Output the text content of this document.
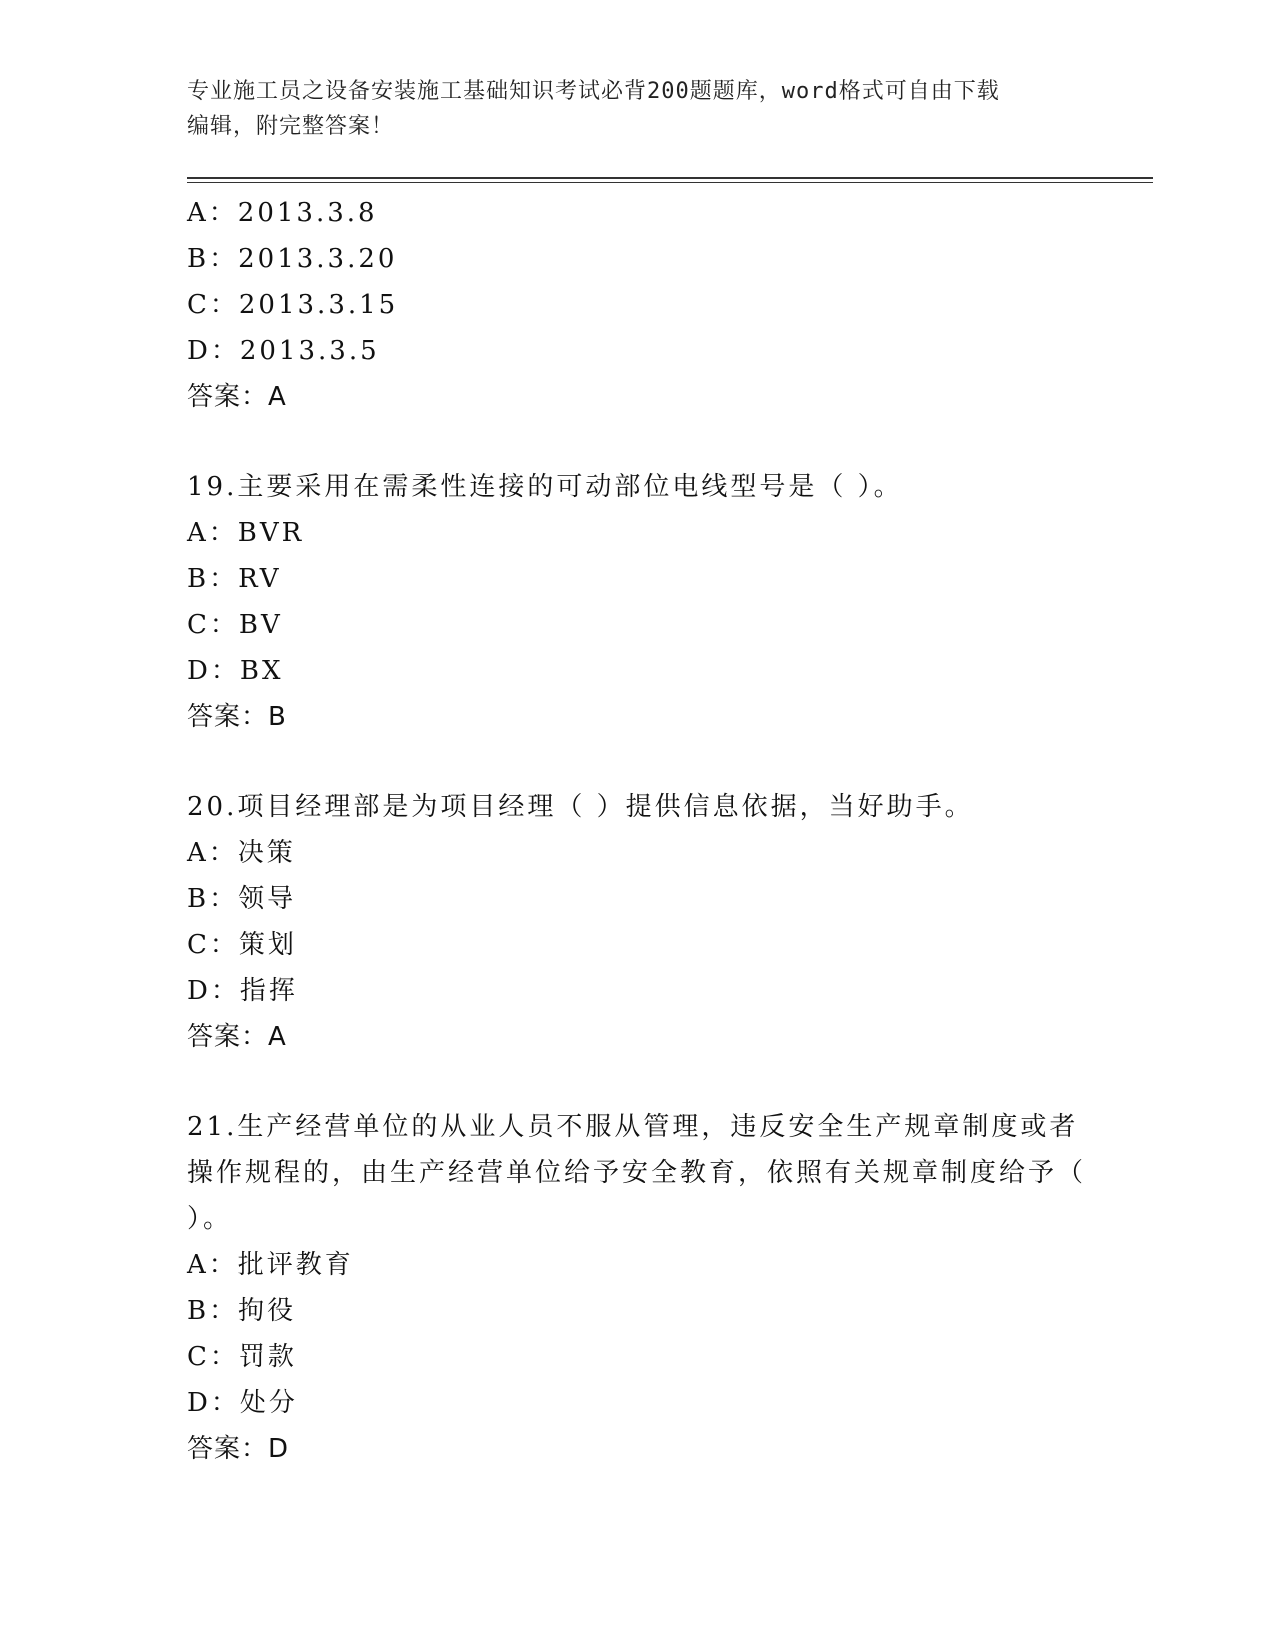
专业施工员之设备安装施工基础知识考试必背200题题库，word格式可自由下载
编辑，附完整答案！
A：2013.3.8
B：2013.3.20
C：2013.3.15
D：2013.3.5
答案：A
19.主要采用在需柔性连接的可动部位电线型号是（ ）。
A：BVR
B：RV
C：BV
D：BX
答案：B
20.项目经理部是为项目经理（ ）提供信息依据，当好助手。
A：决策
B：领导
C：策划
D：指挥
答案：A
21.生产经营单位的从业人员不服从管理，违反安全生产规章制度或者操作规程的，由生产经营单位给予安全教育，依照有关规章制度给予（ ）。
A：批评教育
B：拘役
C：罚款
D：处分
答案：D
